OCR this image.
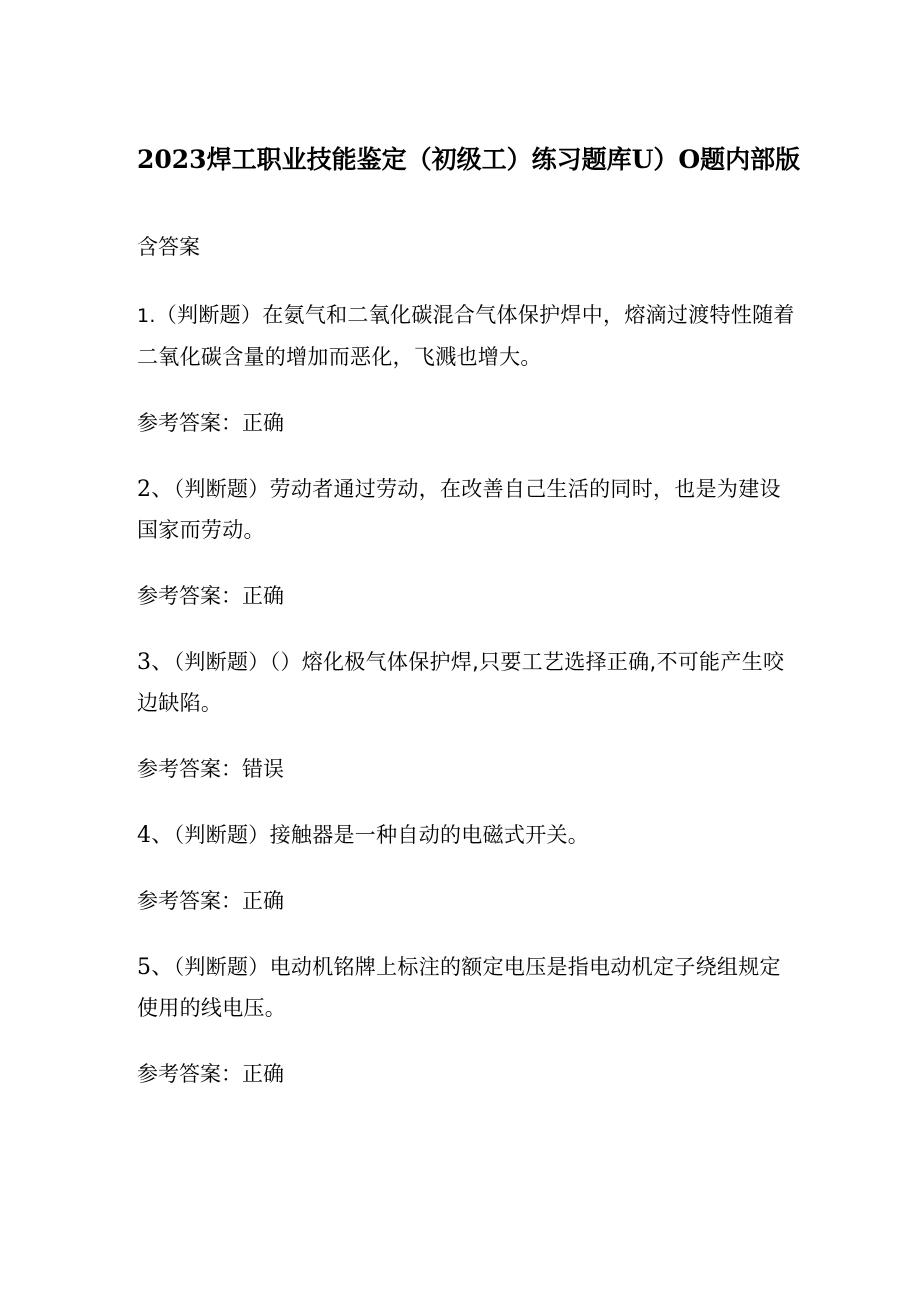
2023焊工职业技能鉴定（初级工）练习题库U）O题内部版
含答案
1.（判断题）在氨气和二氧化碳混合气体保护焊中，熔滴过渡特性随着二氧化碳含量的增加而恶化，飞溅也增大。
参考答案：正确
2、（判断题）劳动者通过劳动，在改善自己生活的同时，也是为建设国家而劳动。
参考答案：正确
3、（判断题）（）熔化极气体保护焊,只要工艺选择正确,不可能产生咬边缺陷。
参考答案：错误
4、（判断题）接触器是一种自动的电磁式开关。
参考答案：正确
5、（判断题）电动机铭牌上标注的额定电压是指电动机定子绕组规定使用的线电压。
参考答案：正确
